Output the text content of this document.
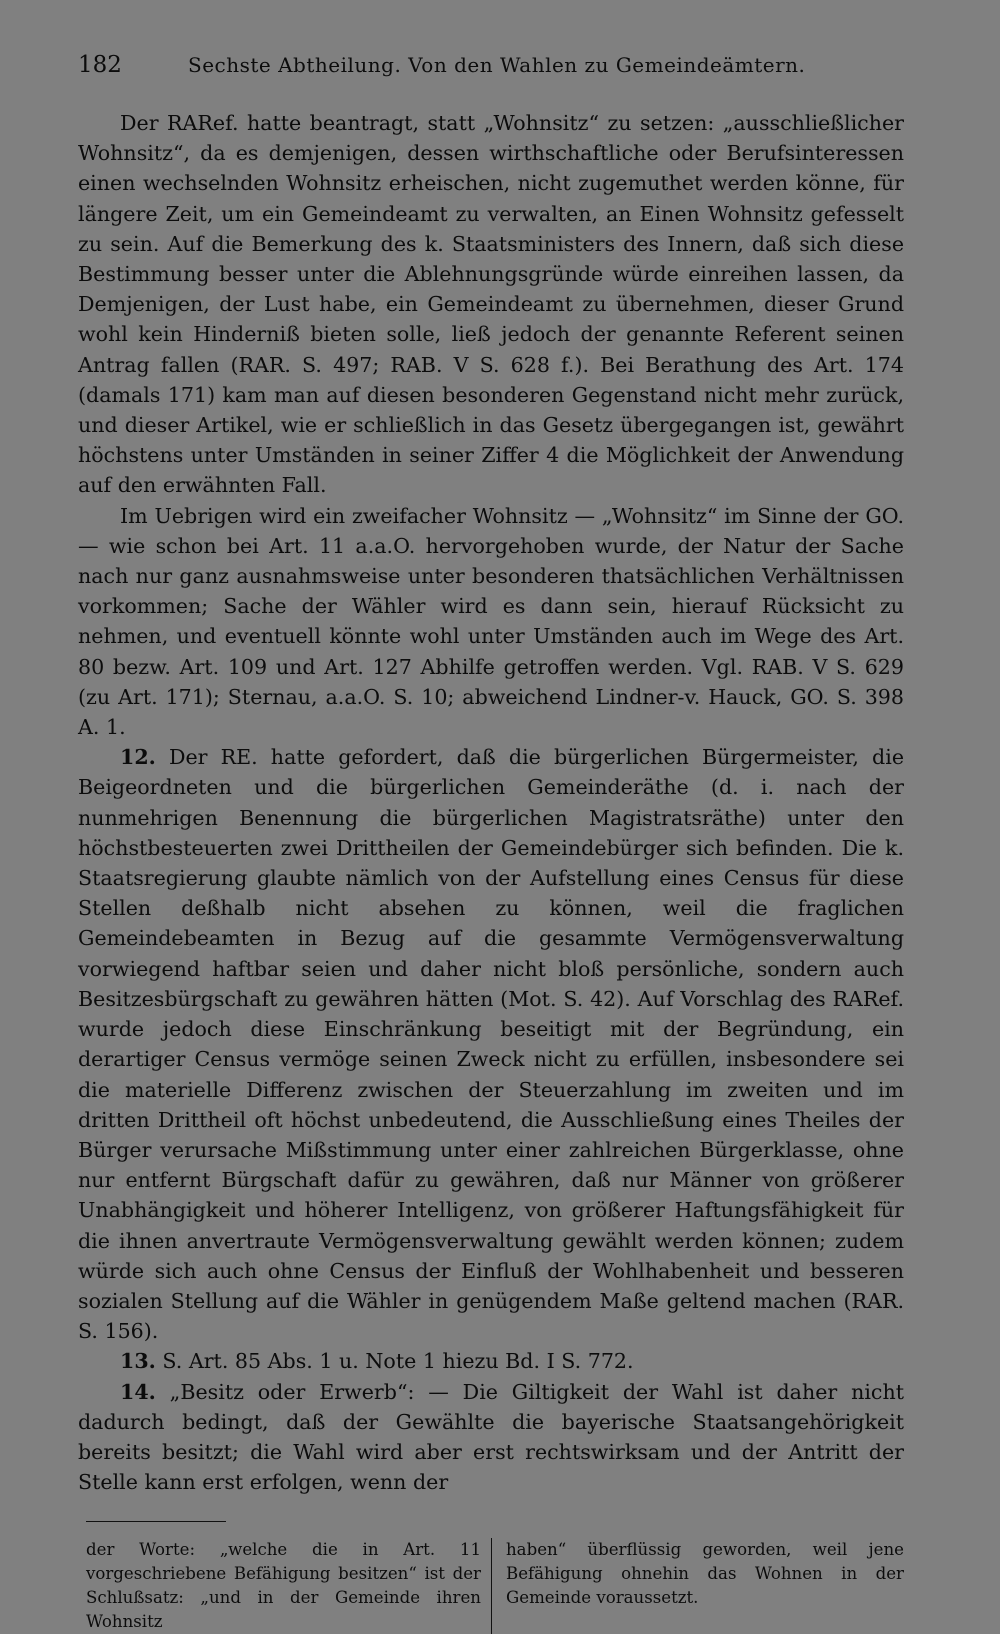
182	Sechste Abtheilung. Von den Wahlen zu Gemeindeämtern.

Der RARef. hatte beantragt, statt „Wohnsitz“ zu setzen: „ausschließlicher Wohnsitz“, da es demjenigen, dessen wirthschaftliche oder Berufsinteressen einen wechselnden Wohnsitz erheischen, nicht zugemuthet werden könne, für längere Zeit, um ein Gemeindeamt zu verwalten, an Einen Wohnsitz gefesselt zu sein. Auf die Bemerkung des k. Staatsministers des Innern, daß sich diese Bestimmung besser unter die Ablehnungsgründe würde einreihen lassen, da Demjenigen, der Lust habe, ein Gemeindeamt zu übernehmen, dieser Grund wohl kein Hinderniß bieten solle, ließ jedoch der genannte Referent seinen Antrag fallen (RAR. S. 497; RAB. V S. 628 f.). Bei Berathung des Art. 174 (damals 171) kam man auf diesen besonderen Gegenstand nicht mehr zurück, und dieser Artikel, wie er schließlich in das Gesetz übergegangen ist, gewährt höchstens unter Umständen in seiner Ziffer 4 die Möglichkeit der Anwendung auf den erwähnten Fall.

Im Uebrigen wird ein zweifacher Wohnsitz — „Wohnsitz“ im Sinne der GO. — wie schon bei Art. 11 a.a.O. hervorgehoben wurde, der Natur der Sache nach nur ganz ausnahmsweise unter besonderen thatsächlichen Verhältnissen vorkommen; Sache der Wähler wird es dann sein, hierauf Rücksicht zu nehmen, und eventuell könnte wohl unter Umständen auch im Wege des Art. 80 bezw. Art. 109 und Art. 127 Abhilfe getroffen werden. Vgl. RAB. V S. 629 (zu Art. 171); Sternau, a.a.O. S. 10; abweichend Lindner-v. Hauck, GO. S. 398 A. 1.

12. Der RE. hatte gefordert, daß die bürgerlichen Bürgermeister, die Beigeordneten und die bürgerlichen Gemeinderäthe (d. i. nach der nunmehrigen Benennung die bürgerlichen Magistratsräthe) unter den höchstbesteuerten zwei Drittheilen der Gemeindebürger sich befinden. Die k. Staatsregierung glaubte nämlich von der Aufstellung eines Census für diese Stellen deßhalb nicht absehen zu können, weil die fraglichen Gemeindebeamten in Bezug auf die gesammte Vermögensverwaltung vorwiegend haftbar seien und daher nicht bloß persönliche, sondern auch Besitzesbürgschaft zu gewähren hätten (Mot. S. 42). Auf Vorschlag des RARef. wurde jedoch diese Einschränkung beseitigt mit der Begründung, ein derartiger Census vermöge seinen Zweck nicht zu erfüllen, insbesondere sei die materielle Differenz zwischen der Steuerzahlung im zweiten und im dritten Drittheil oft höchst unbedeutend, die Ausschließung eines Theiles der Bürger verursache Mißstimmung unter einer zahlreichen Bürgerklasse, ohne nur entfernt Bürgschaft dafür zu gewähren, daß nur Männer von größerer Unabhängigkeit und höherer Intelligenz, von größerer Haftungsfähigkeit für die ihnen anvertraute Vermögensverwaltung gewählt werden können; zudem würde sich auch ohne Census der Einfluß der Wohlhabenheit und besseren sozialen Stellung auf die Wähler in genügendem Maße geltend machen (RAR. S. 156).

13. S. Art. 85 Abs. 1 u. Note 1 hiezu Bd. I S. 772.

14. „Besitz oder Erwerb“: — Die Giltigkeit der Wahl ist daher nicht dadurch bedingt, daß der Gewählte die bayerische Staatsangehörigkeit bereits besitzt; die Wahl wird aber erst rechtswirksam und der Antritt der Stelle kann erst erfolgen, wenn der

der Worte: „welche die in Art. 11 vorgeschriebene Befähigung besitzen“ ist der Schlußsatz: „und in der Gemeinde ihren Wohnsitz
haben“ überflüssig geworden, weil jene Befähigung ohnehin das Wohnen in der Gemeinde voraussetzt.
